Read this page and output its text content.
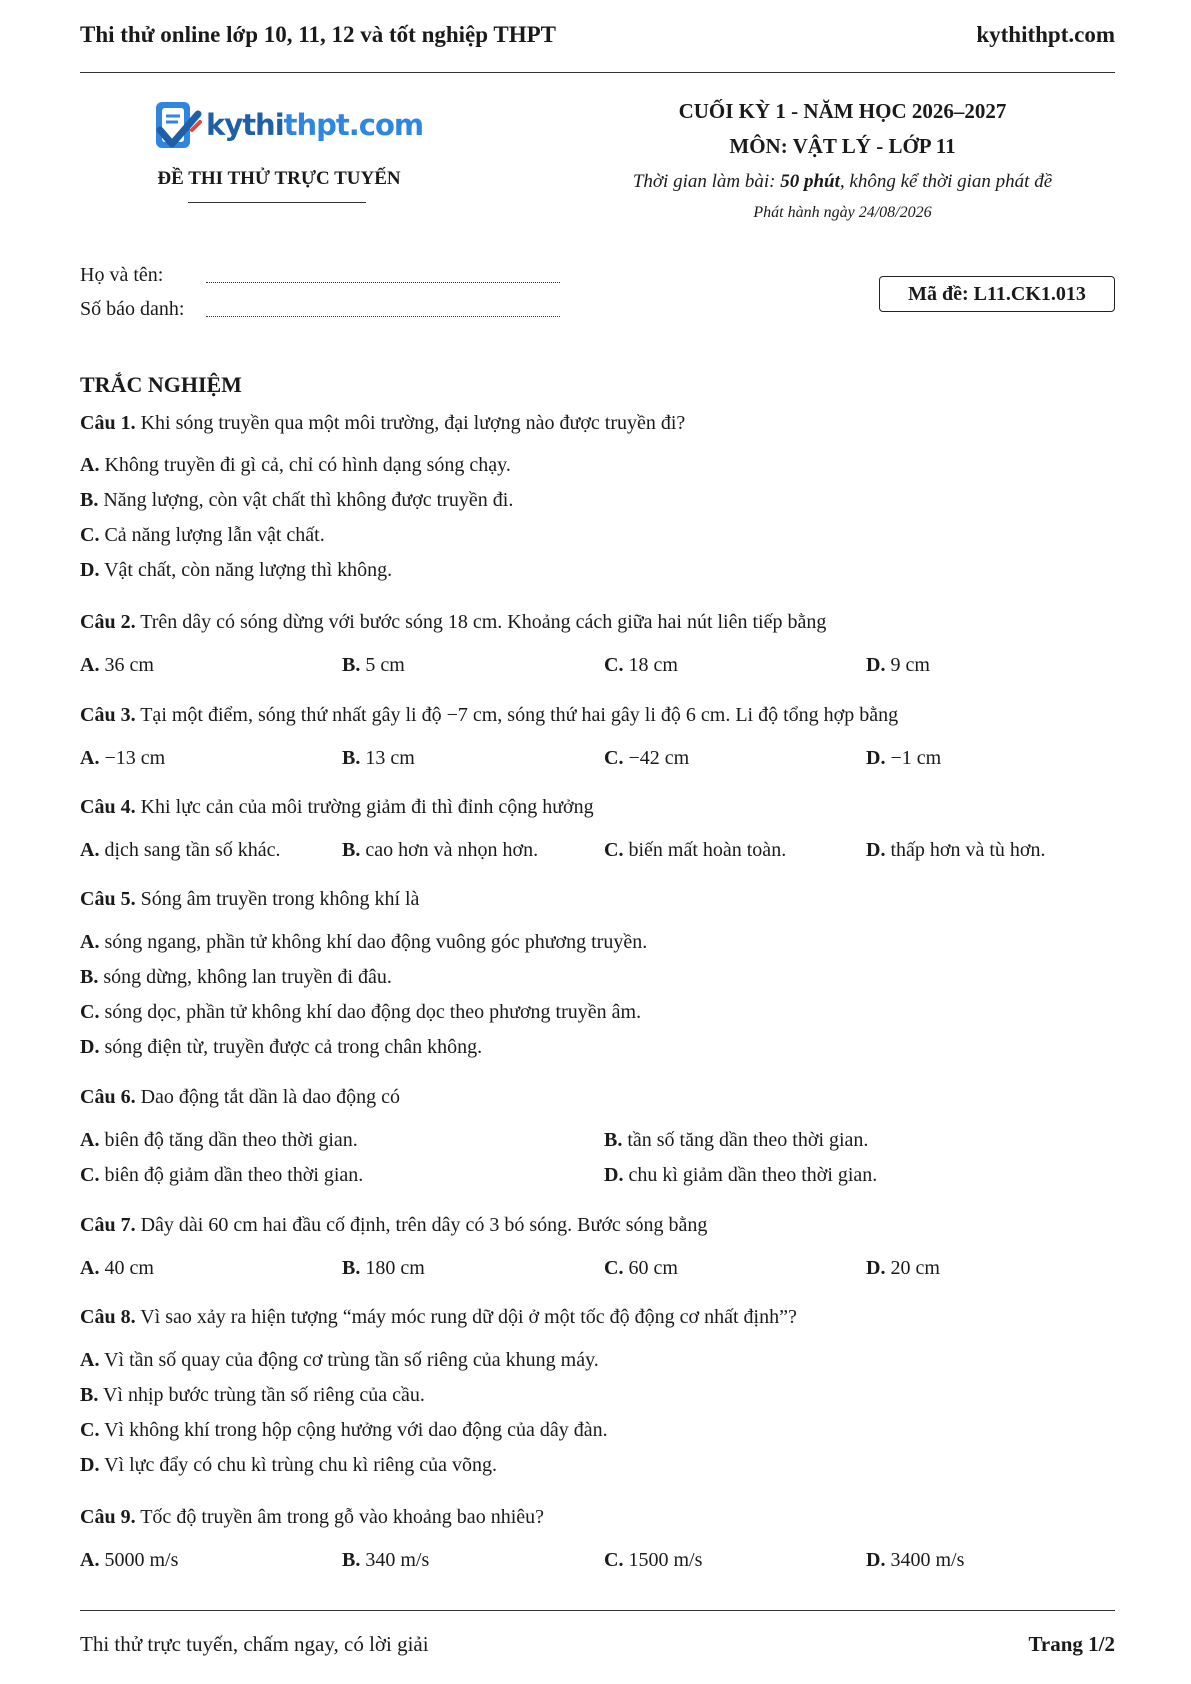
Thi thử online lớp 10, 11, 12 và tốt nghiệp THPT	kythithpt.com
kythithpt.com
ĐỀ THI THỬ TRỰC TUYẾN
CUỐI KỲ 1 - NĂM HỌC 2026–2027
MÔN: VẬT LÝ - LỚP 11
Thời gian làm bài: 50 phút, không kể thời gian phát đề
Phát hành ngày 24/08/2026
Họ và tên:
Số báo danh:
Mã đề: L11.CK1.013
TRẮC NGHIỆM
Câu 1. Khi sóng truyền qua một môi trường, đại lượng nào được truyền đi?
A. Không truyền đi gì cả, chỉ có hình dạng sóng chạy.
B. Năng lượng, còn vật chất thì không được truyền đi.
C. Cả năng lượng lẫn vật chất.
D. Vật chất, còn năng lượng thì không.
Câu 2. Trên dây có sóng dừng với bước sóng 18 cm. Khoảng cách giữa hai nút liên tiếp bằng
A. 36 cm	B. 5 cm	C. 18 cm	D. 9 cm
Câu 3. Tại một điểm, sóng thứ nhất gây li độ −7 cm, sóng thứ hai gây li độ 6 cm. Li độ tổng hợp bằng
A. −13 cm	B. 13 cm	C. −42 cm	D. −1 cm
Câu 4. Khi lực cản của môi trường giảm đi thì đỉnh cộng hưởng
A. dịch sang tần số khác.	B. cao hơn và nhọn hơn.	C. biến mất hoàn toàn.	D. thấp hơn và tù hơn.
Câu 5. Sóng âm truyền trong không khí là
A. sóng ngang, phần tử không khí dao động vuông góc phương truyền.
B. sóng dừng, không lan truyền đi đâu.
C. sóng dọc, phần tử không khí dao động dọc theo phương truyền âm.
D. sóng điện từ, truyền được cả trong chân không.
Câu 6. Dao động tắt dần là dao động có
A. biên độ tăng dần theo thời gian.	B. tần số tăng dần theo thời gian.
C. biên độ giảm dần theo thời gian.	D. chu kì giảm dần theo thời gian.
Câu 7. Dây dài 60 cm hai đầu cố định, trên dây có 3 bó sóng. Bước sóng bằng
A. 40 cm	B. 180 cm	C. 60 cm	D. 20 cm
Câu 8. Vì sao xảy ra hiện tượng “máy móc rung dữ dội ở một tốc độ động cơ nhất định”?
A. Vì tần số quay của động cơ trùng tần số riêng của khung máy.
B. Vì nhịp bước trùng tần số riêng của cầu.
C. Vì không khí trong hộp cộng hưởng với dao động của dây đàn.
D. Vì lực đẩy có chu kì trùng chu kì riêng của võng.
Câu 9. Tốc độ truyền âm trong gỗ vào khoảng bao nhiêu?
A. 5000 m/s	B. 340 m/s	C. 1500 m/s	D. 3400 m/s
Thi thử trực tuyến, chấm ngay, có lời giải	Trang 1/2
